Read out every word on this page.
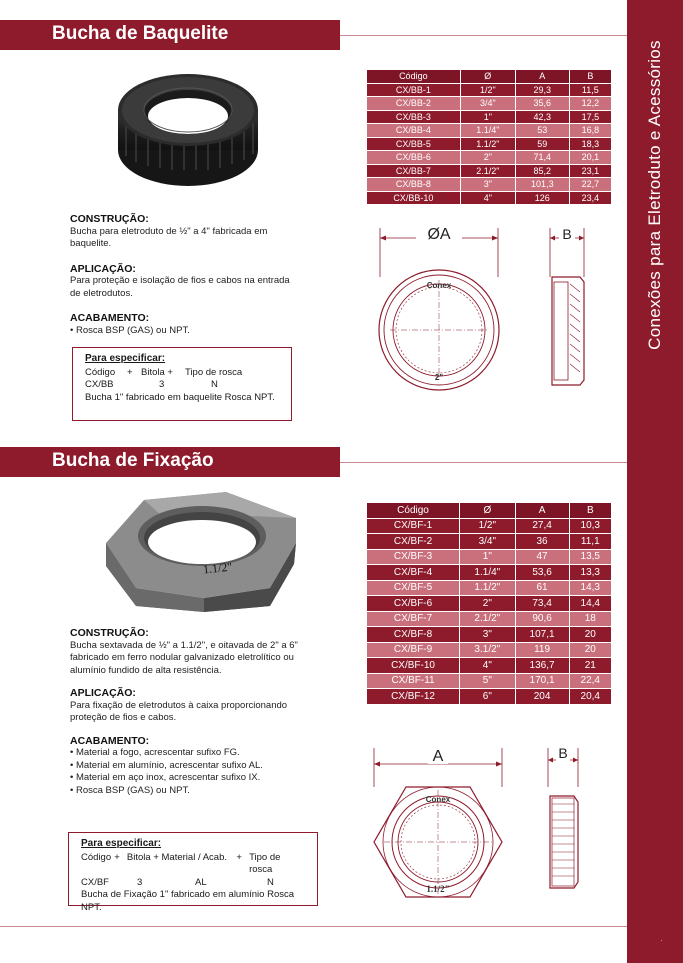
Conexões para Eletroduto e Acessórios
·
Bucha de Baquelite
CONSTRUÇÃO:
Bucha para eletroduto de ½" a 4" fabricada em
baquelite.
APLICAÇÃO:
Para proteção e isolação de fios e cabos na entrada
de eletrodutos.
ACABAMENTO:
• Rosca BSP (GAS) ou NPT.
Para especificar:
Código	+ Bitola +	Tipo de rosca
CX/BB	3	N
Bucha 1" fabricado em baquelite Rosca NPT.
Código	Ø	A	B
CX/BB-1	1/2"	29,3	11,5
CX/BB-2	3/4"	35,6	12,2
CX/BB-3	1"	42,3	17,5
CX/BB-4	1.1/4"	53	16,8
CX/BB-5	1.1/2"	59	18,3
CX/BB-6	2"	71,4	20,1
CX/BB-7	2.1/2"	85,2	23,1
CX/BB-8	3"	101,3	22,7
CX/BB-10	4"	126	23,4
ØA
Conex
2"
B
Bucha de Fixação
1.1/2"
CONSTRUÇÃO:
Bucha sextavada de ½" a 1.1/2", e oitavada de 2" a 6"
fabricado em ferro nodular galvanizado eletrolítico ou
alumínio fundido de alta resistência.
APLICAÇÃO:
Para fixação de eletrodutos à caixa proporcionando
proteção de fios e cabos.
ACABAMENTO:
• Material a fogo, acrescentar sufixo FG.
• Material em alumínio, acrescentar sufixo AL.
• Material em aço inox, acrescentar sufixo IX.
• Rosca BSP (GAS) ou NPT.
Para especificar:
Código + Bitola + Material / Acab. + Tipo de rosca
CX/BF	3	AL	N
Bucha de Fixação 1" fabricado em alumínio Rosca NPT.
Código	Ø	A	B
CX/BF-1	1/2"	27,4	10,3
CX/BF-2	3/4"	36	11,1
CX/BF-3	1"	47	13,5
CX/BF-4	1.1/4"	53,6	13,3
CX/BF-5	1.1/2"	61	14,3
CX/BF-6	2"	73,4	14,4
CX/BF-7	2.1/2"	90,6	18
CX/BF-8	3"	107,1	20
CX/BF-9	3.1/2"	119	20
CX/BF-10	4"	136,7	21
CX/BF-11	5"	170,1	22,4
CX/BF-12	6"	204	20,4
A
Conex
1.1/2"
B
